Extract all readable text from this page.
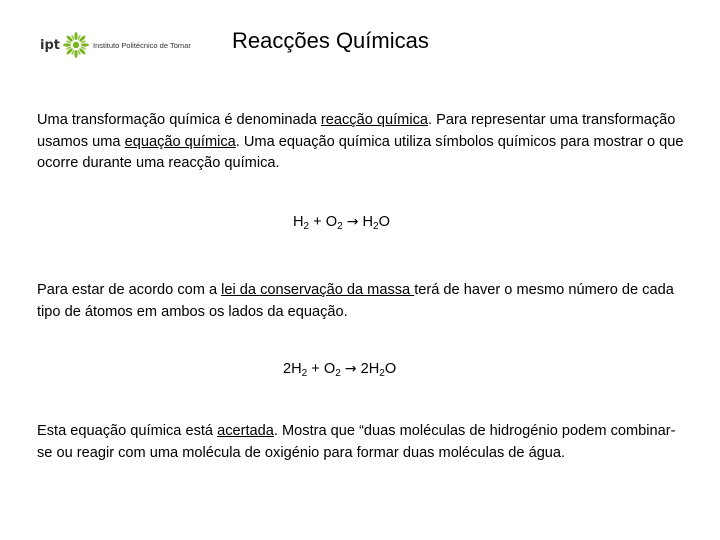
ipt	Instituto Politécnico de Tomar Reacções Químicas

Uma transformação química é denominada reacção química. Para representar uma transformação usamos uma equação química. Uma equação química utiliza símbolos químicos para mostrar o que ocorre durante uma reacção química.

$H_2 + O_2 \to H_2O$

Para estar de acordo com a lei da conservação da massa terá de haver o mesmo número de cada tipo de átomos em ambos os lados da equação.

$2H_2 + O_2 \to 2H_2O$

Esta equação química está acertada. Mostra que “duas moléculas de hidrogénio podem combinar-se ou reagir com uma molécula de oxigénio para formar duas moléculas de água.
